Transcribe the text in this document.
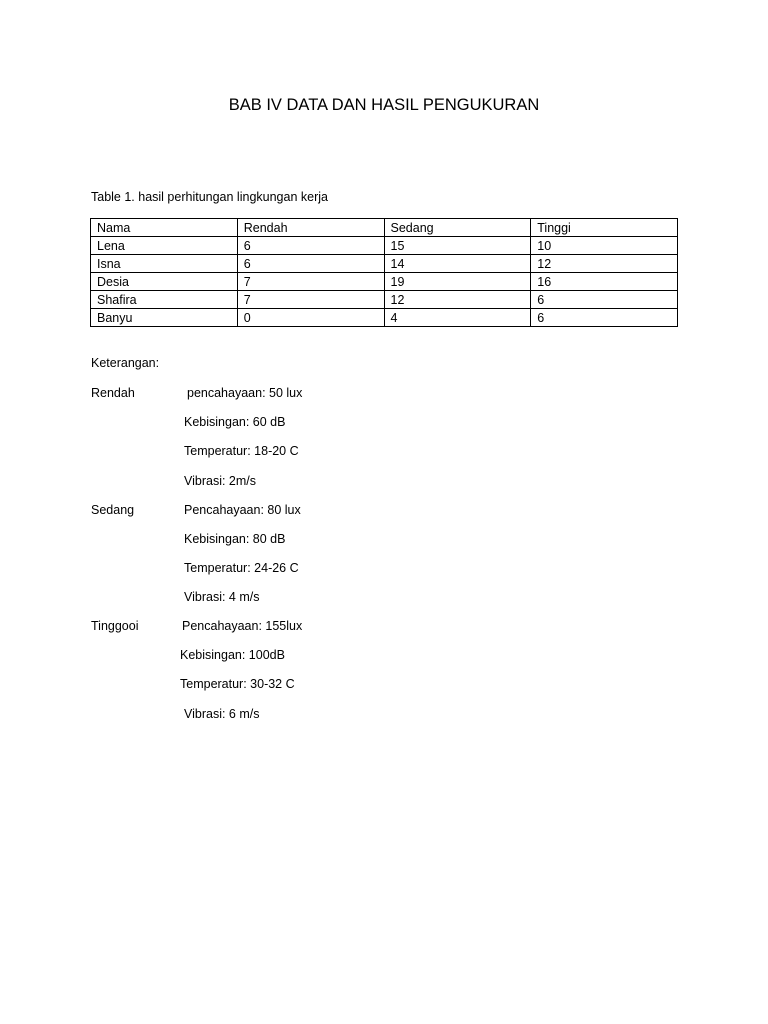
BAB IV DATA DAN HASIL PENGUKURAN
Table 1. hasil perhitungan lingkungan kerja
Nama	Rendah	Sedang	Tinggi
Lena	6	15	10
Isna	6	14	12
Desia	7	19	16
Shafira	7	12	6
Banyu	0	4	6
Keterangan:
Rendah	pencahayaan: 50 lux
Kebisingan: 60 dB
Temperatur: 18-20 C
Vibrasi: 2m/s
Sedang	Pencahayaan: 80 lux
Kebisingan: 80 dB
Temperatur: 24-26 C
Vibrasi: 4 m/s
Tinggooi	Pencahayaan: 155lux
Kebisingan: 100dB
Temperatur: 30-32 C
Vibrasi: 6 m/s
